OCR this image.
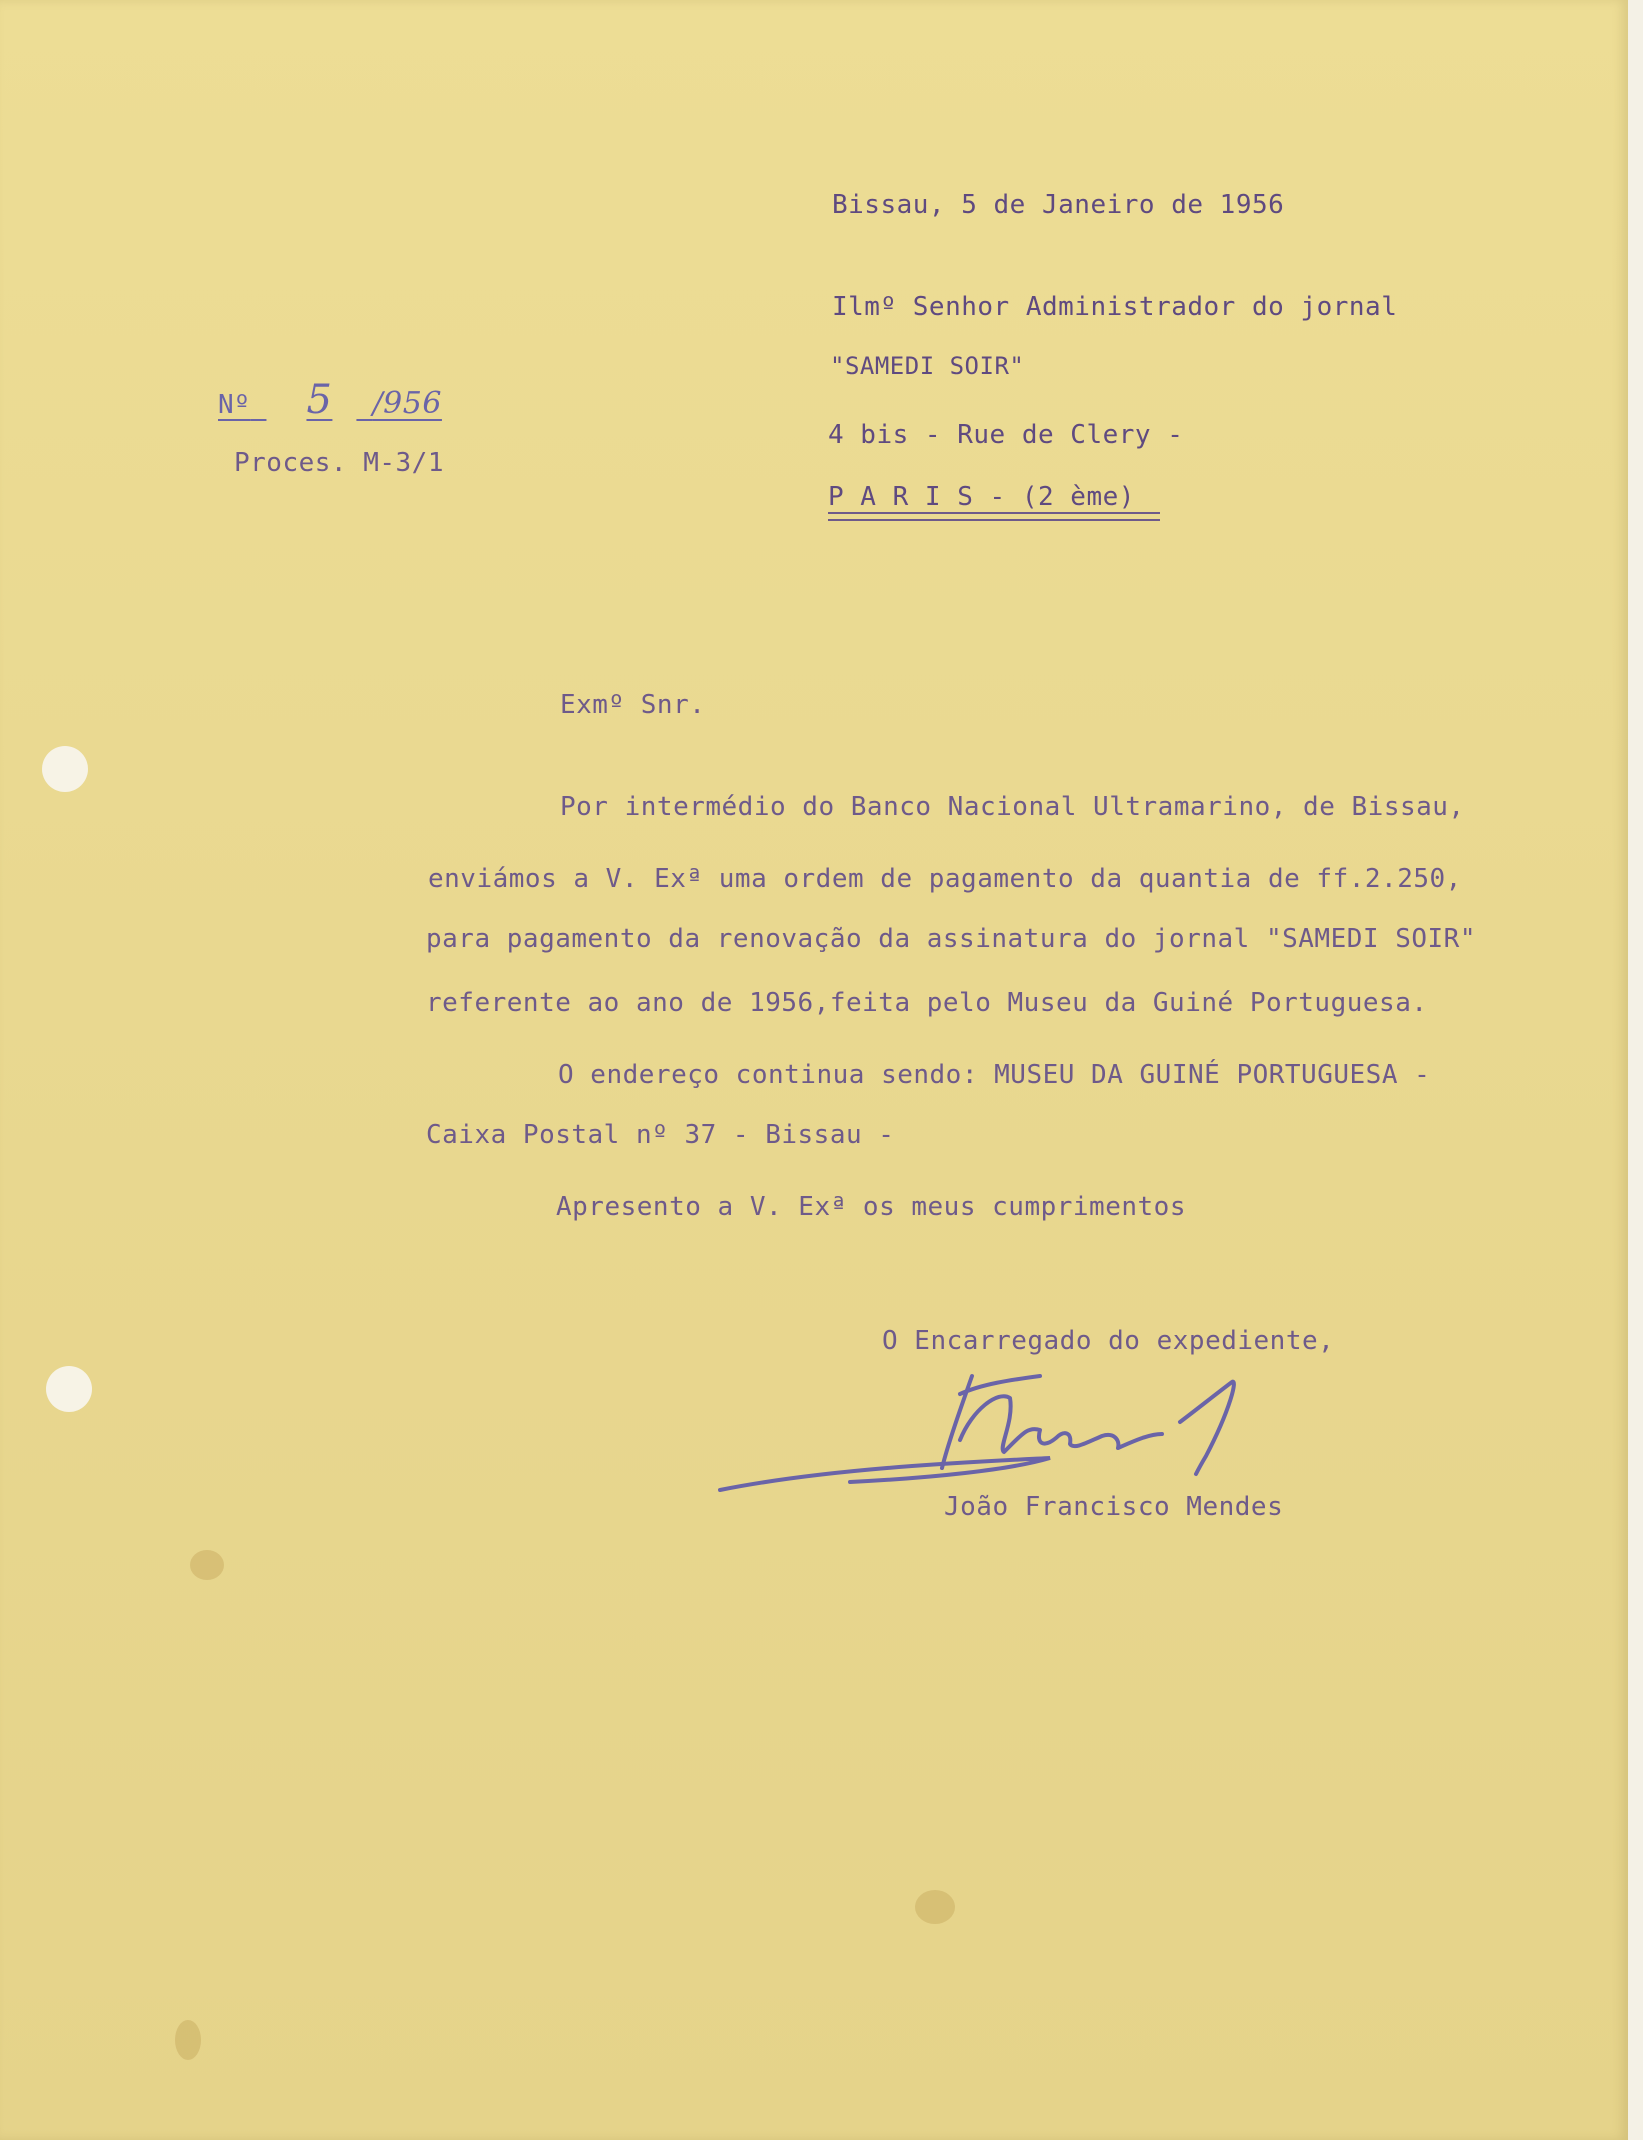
Bissau, 5 de Janeiro de 1956
Ilmº Senhor Administrador do jornal
"SAMEDI SOIR"
4 bis - Rue de Clery -
P A R I S - (2 ème)
Nº 5 /956
Proces. M-3/1
Exmº Snr.
Por intermédio do Banco Nacional Ultramarino, de Bissau,
enviámos a V. Exª uma ordem de pagamento da quantia de ff.2.250,
para pagamento da renovação da assinatura do jornal "SAMEDI SOIR"
referente ao ano de 1956,feita pelo Museu da Guiné Portuguesa.
O endereço continua sendo: MUSEU DA GUINÉ PORTUGUESA -
Caixa Postal nº 37 - Bissau -
Apresento a V. Exª os meus cumprimentos
O Encarregado do expediente,
João Francisco Mendes
